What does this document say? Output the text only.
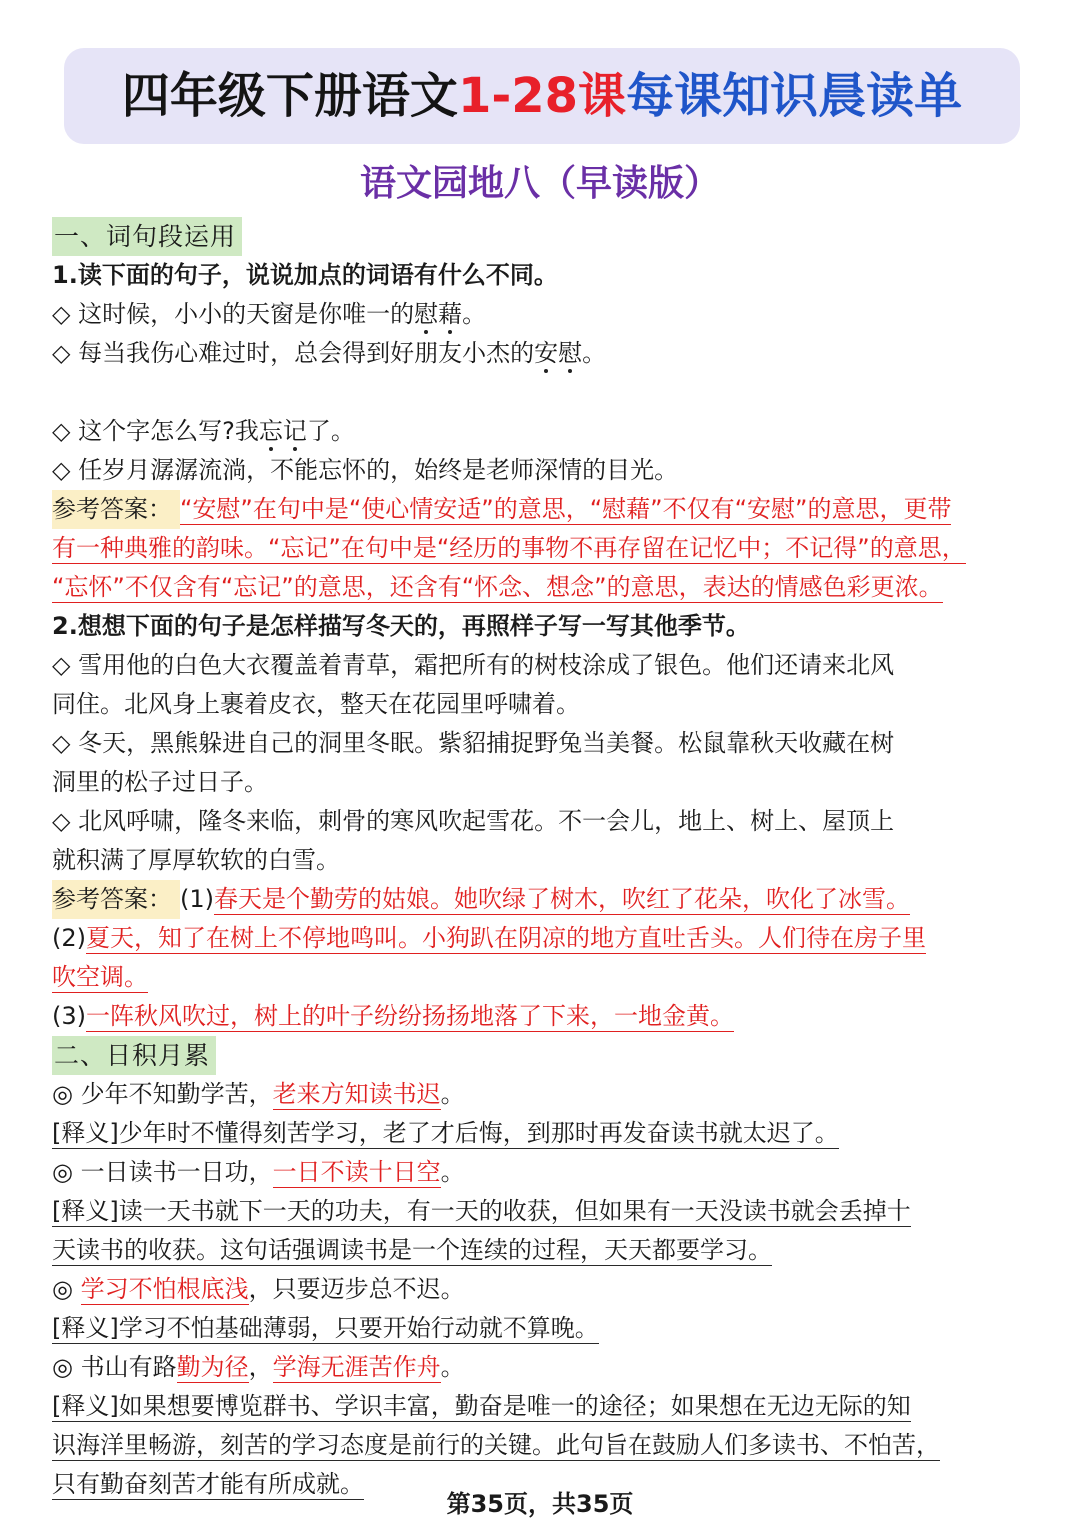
四年级下册语文1-28课每课知识晨读单
语文园地八（早读版）
一、词句段运用
1.读下面的句子，说说加点的词语有什么不同。
◇ 这时候，小小的天窗是你唯一的慰藉。
◇ 每当我伤心难过时，总会得到好朋友小杰的安慰。
◇ 这个字怎么写?我忘记了。
◇ 任岁月潺潺流淌，不能忘怀的，始终是老师深情的目光。
参考答案： “安慰”在句中是“使心情安适”的意思，“慰藉”不仅有“安慰”的意思，更带
有一种典雅的韵味。“忘记”在句中是“经历的事物不再存留在记忆中；不记得”的意思，
“忘怀”不仅含有“忘记”的意思，还含有“怀念、想念”的意思，表达的情感色彩更浓。
2.想想下面的句子是怎样描写冬天的，再照样子写一写其他季节。
◇ 雪用他的白色大衣覆盖着青草，霜把所有的树枝涂成了银色。他们还请来北风
同住。北风身上裹着皮衣，整天在花园里呼啸着。
◇ 冬天，黑熊躲进自己的洞里冬眠。紫貂捕捉野兔当美餐。松鼠靠秋天收藏在树
洞里的松子过日子。
◇ 北风呼啸，隆冬来临，刺骨的寒风吹起雪花。不一会儿，地上、树上、屋顶上
就积满了厚厚软软的白雪。
参考答案： (1)春天是个勤劳的姑娘。她吹绿了树木，吹红了花朵，吹化了冰雪。
(2)夏天，知了在树上不停地鸣叫。小狗趴在阴凉的地方直吐舌头。人们待在房子里
吹空调。
(3)一阵秋风吹过，树上的叶子纷纷扬扬地落了下来，一地金黄。
二、日积月累
◎ 少年不知勤学苦，老来方知读书迟。
[释义]少年时不懂得刻苦学习，老了才后悔，到那时再发奋读书就太迟了。
◎ 一日读书一日功，一日不读十日空。
[释义]读一天书就下一天的功夫，有一天的收获，但如果有一天没读书就会丢掉十
天读书的收获。这句话强调读书是一个连续的过程，天天都要学习。
◎ 学习不怕根底浅，只要迈步总不迟。
[释义]学习不怕基础薄弱，只要开始行动就不算晚。
◎ 书山有路勤为径，学海无涯苦作舟。
[释义]如果想要博览群书、学识丰富，勤奋是唯一的途径；如果想在无边无际的知
识海洋里畅游，刻苦的学习态度是前行的关键。此句旨在鼓励人们多读书、不怕苦，
只有勤奋刻苦才能有所成就。
第35页，共35页
